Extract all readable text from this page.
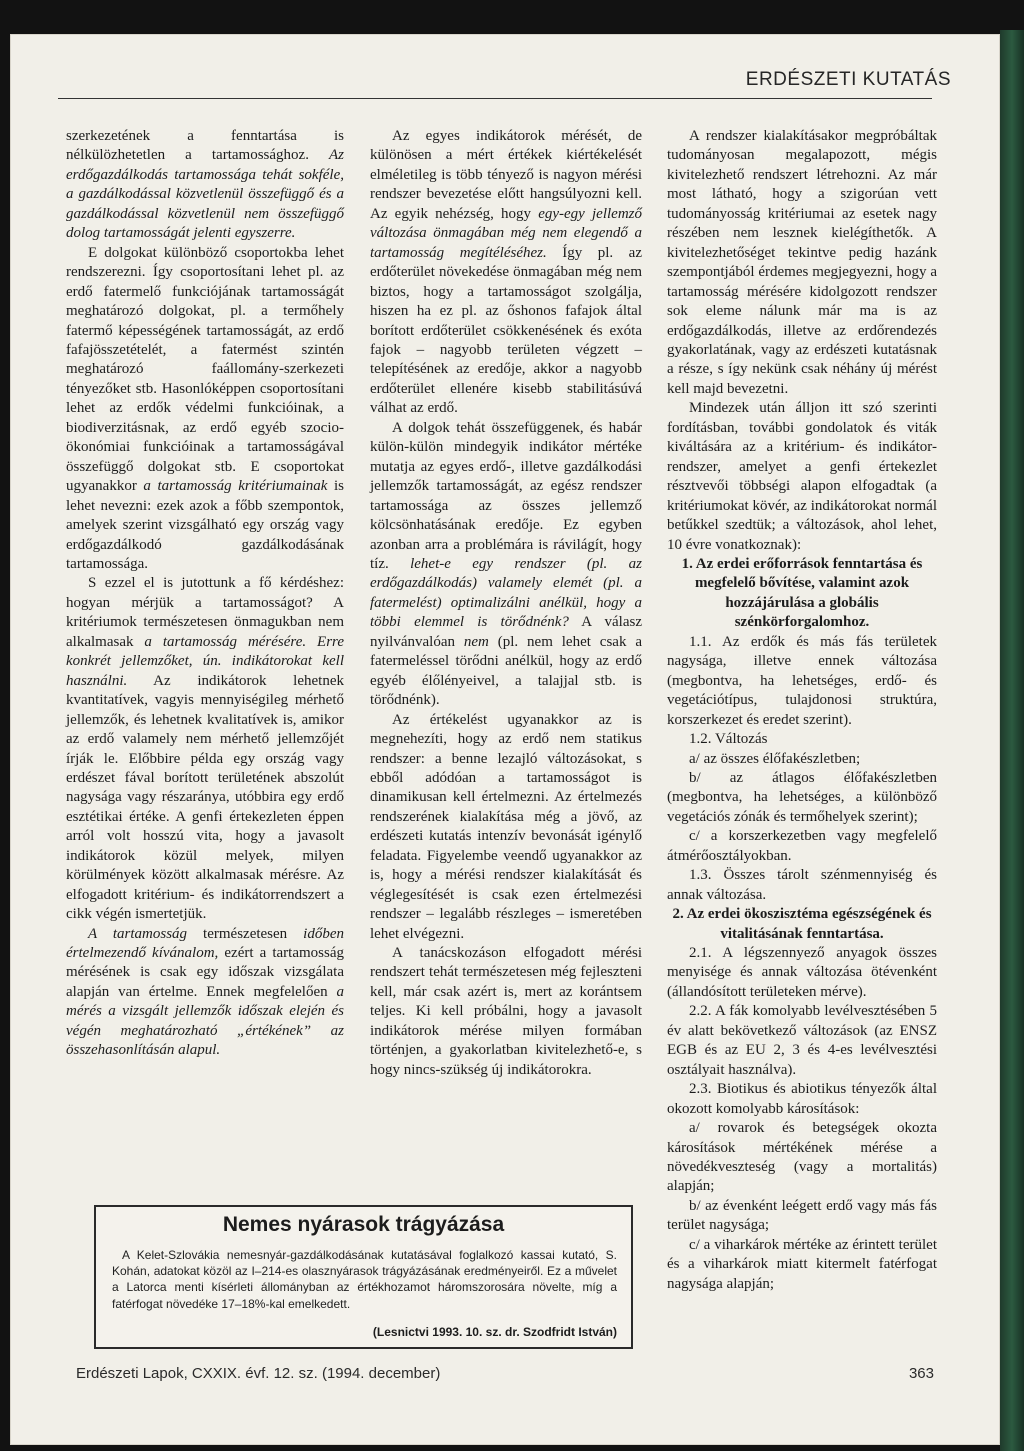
ERDÉSZETI KUTATÁS

szerkezetének a fenntartása is nélkülözhetetlen a tartamossághoz. Az erdőgazdálkodás tartamossága tehát sokféle, a gazdálkodással közvetlenül összefüggő és a gazdálkodással közvetlenül nem összefüggő dolog tartamosságát jelenti egyszerre.

E dolgokat különböző csoportokba lehet rendszerezni. Így csoportosítani lehet pl. az erdő fatermelő funkciójának tartamosságát meghatározó dolgokat, pl. a termőhely fatermő képességének tartamosságát, az erdő fafajösszetételét, a fatermést szintén meghatározó faállomány-szerkezeti tényezőket stb. Hasonlóképpen csoportosítani lehet az erdők védelmi funkcióinak, a biodiverzitásnak, az erdő egyéb szocio-ökonómiai funkcióinak a tartamosságával összefüggő dolgokat stb. E csoportokat ugyanakkor a tartamosság kritériumainak is lehet nevezni: ezek azok a főbb szempontok, amelyek szerint vizsgálható egy ország vagy erdőgazdálkodó gazdálkodásának tartamossága.

S ezzel el is jutottunk a fő kérdéshez: hogyan mérjük a tartamosságot? A kritériumok természetesen önmagukban nem alkalmasak a tartamosság mérésére. Erre konkrét jellemzőket, ún. indikátorokat kell használni. Az indikátorok lehetnek kvantitatívek, vagyis mennyiségileg mérhető jellemzők, és lehetnek kvalitatívek is, amikor az erdő valamely nem mérhető jellemzőjét írják le. Előbbire példa egy ország vagy erdészet fával borított területének abszolút nagysága vagy részaránya, utóbbira egy erdő esztétikai értéke. A genfi értekezleten éppen arról volt hosszú vita, hogy a javasolt indikátorok közül melyek, milyen körülmények között alkalmasak mérésre. Az elfogadott kritérium- és indikátorrendszert a cikk végén ismertetjük.

A tartamosság természetesen időben értelmezendő kívánalom, ezért a tartamosság mérésének is csak egy időszak vizsgálata alapján van értelme. Ennek megfelelően a mérés a vizsgált jellemzők időszak elején és végén meghatározható „értékének” az összehasonlításán alapul.

Az egyes indikátorok mérését, de különösen a mért értékek kiértékelését elméletileg is több tényező is nagyon mérési rendszer bevezetése előtt hangsúlyozni kell. Az egyik nehézség, hogy egy-egy jellemző változása önmagában még nem elegendő a tartamosság megítéléséhez. Így pl. az erdőterület növekedése önmagában még nem biztos, hogy a tartamosságot szolgálja, hiszen ha ez pl. az őshonos fafajok által borított erdőterület csökkenésének és exóta fajok – nagyobb területen végzett – telepítésének az eredője, akkor a nagyobb erdőterület ellenére kisebb stabilitásúvá válhat az erdő.

A dolgok tehát összefüggenek, és habár külön-külön mindegyik indikátor mértéke mutatja az egyes erdő-, illetve gazdálkodási jellemzők tartamosságát, az egész rendszer tartamossága az összes jellemző kölcsönhatásának eredője. Ez egyben azonban arra a problémára is rávilágít, hogy tíz. lehet-e egy rendszer (pl. az erdőgazdálkodás) valamely elemét (pl. a fatermelést) optimalizálni anélkül, hogy a többi elemmel is törődnénk? A válasz nyilvánvalóan nem (pl. nem lehet csak a fatermeléssel törődni anélkül, hogy az erdő egyéb élőlényeivel, a talajjal stb. is törődnénk).

Az értékelést ugyanakkor az is megnehezíti, hogy az erdő nem statikus rendszer: a benne lezajló változásokat, s ebből adódóan a tartamosságot is dinamikusan kell értelmezni. Az értelmezés rendszerének kialakítása még a jövő, az erdészeti kutatás intenzív bevonását igénylő feladata. Figyelembe veendő ugyanakkor az is, hogy a mérési rendszer kialakítását és véglegesítését is csak ezen értelmezési rendszer – legalább részleges – ismeretében lehet elvégezni.

A tanácskozáson elfogadott mérési rendszert tehát természetesen még fejleszteni kell, már csak azért is, mert az korántsem teljes. Ki kell próbálni, hogy a javasolt indikátorok mérése milyen formában történjen, a gyakorlatban kivitelezhető-e, s hogy nincs-szükség új indikátorokra.

A rendszer kialakításakor megpróbáltak tudományosan megalapozott, mégis kivitelezhető rendszert létrehozni. Az már most látható, hogy a szigorúan vett tudományosság kritériumai az esetek nagy részében nem lesznek kielégíthetők. A kivitelezhetőséget tekintve pedig hazánk szempontjából érdemes megjegyezni, hogy a tartamosság mérésére kidolgozott rendszer sok eleme nálunk már ma is az erdőgazdálkodás, illetve az erdőrendezés gyakorlatának, vagy az erdészeti kutatásnak a része, s így nekünk csak néhány új mérést kell majd bevezetni.

Mindezek után álljon itt szó szerinti fordításban, további gondolatok és viták kiváltására az a kritérium- és indikátor-rendszer, amelyet a genfi értekezlet résztvevői többségi alapon elfogadtak (a kritériumokat kövér, az indikátorokat normál betűkkel szedtük; a változások, ahol lehet, 10 évre vonatkoznak):

1. Az erdei erőforrások fenntartása és megfelelő bővítése, valamint azok hozzájárulása a globális szénkörforgalomhoz.

1.1. Az erdők és más fás területek nagysága, illetve ennek változása (megbontva, ha lehetséges, erdő- és vegetációtípus, tulajdonosi struktúra, korszerkezet és eredet szerint).

1.2. Változás

a/ az összes élőfakészletben;

b/ az átlagos élőfakészletben (megbontva, ha lehetséges, a különböző vegetációs zónák és termőhelyek szerint);

c/ a korszerkezetben vagy megfelelő átmérőosztályokban.

1.3. Összes tárolt szénmennyiség és annak változása.

2. Az erdei ökoszisztéma egészségének és vitalitásának fenntartása.

2.1. A légszennyező anyagok összes menyisége és annak változása ötévenként (állandósított területeken mérve).

2.2. A fák komolyabb levélvesztésében 5 év alatt bekövetkező változások (az ENSZ EGB és az EU 2, 3 és 4-es levélvesztési osztályait használva).

2.3. Biotikus és abiotikus tényezők által okozott komolyabb károsítások:

a/ rovarok és betegségek okozta károsítások mértékének mérése a növedékveszteség (vagy a mortalitás) alapján;

b/ az évenként leégett erdő vagy más fás terület nagysága;

c/ a viharkárok mértéke az érintett terület és a viharkárok miatt kitermelt fatérfogat nagysága alapján;

Nemes nyárasok trágyázása

A Kelet-Szlovákia nemesnyár-gazdálkodásának kutatásával foglalkozó kassai kutató, S. Kohán, adatokat közöl az I–214-es olasznyárasok trágyázásának eredményeiről. Ez a művelet a Latorca menti kísérleti állományban az értékhozamot háromszorosára növelte, míg a fatérfogat növedéke 17–18%-kal emelkedett.

(Lesnictvi 1993. 10. sz. dr. Szodfridt István)
Erdészeti Lapok, CXXIX. évf. 12. sz. (1994. december)	363
